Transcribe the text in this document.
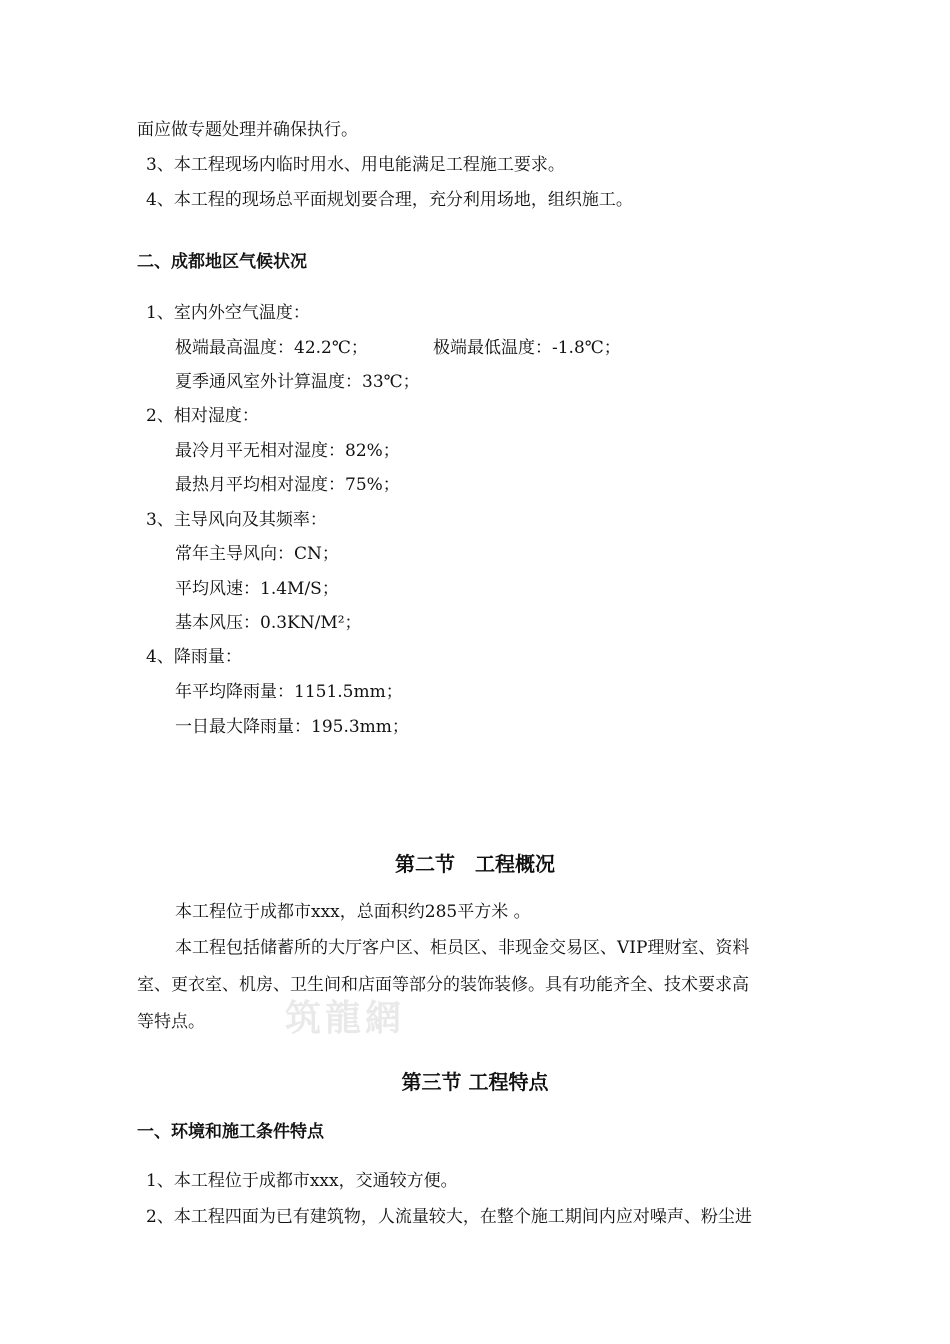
面应做专题处理并确保执行。
3、本工程现场内临时用水、用电能满足工程施工要求。
4、本工程的现场总平面规划要合理，充分利用场地，组织施工。
二、成都地区气候状况
1、室内外空气温度：
极端最高温度：42.2℃；	极端最低温度：-1.8℃；
夏季通风室外计算温度：33℃；
2、相对湿度：
最冷月平无相对湿度：82%；
最热月平均相对湿度：75%；
3、主导风向及其频率：
常年主导风向：CN；
平均风速：1.4M/S；
基本风压：0.3KN/M²；
4、降雨量：
年平均降雨量：1151.5mm；
一日最大降雨量：195.3mm；
第二节　工程概况
本工程位于成都市xxx，总面积约285平方米 。
本工程包括储蓄所的大厅客户区、柜员区、非现金交易区、VIP理财室、资料
室、更衣室、机房、卫生间和店面等部分的装饰装修。具有功能齐全、技术要求高
等特点。 筑龍網
第三节 工程特点
一、环境和施工条件特点
1、本工程位于成都市xxx，交通较方便。
2、本工程四面为已有建筑物，人流量较大，在整个施工期间内应对噪声、粉尘进
